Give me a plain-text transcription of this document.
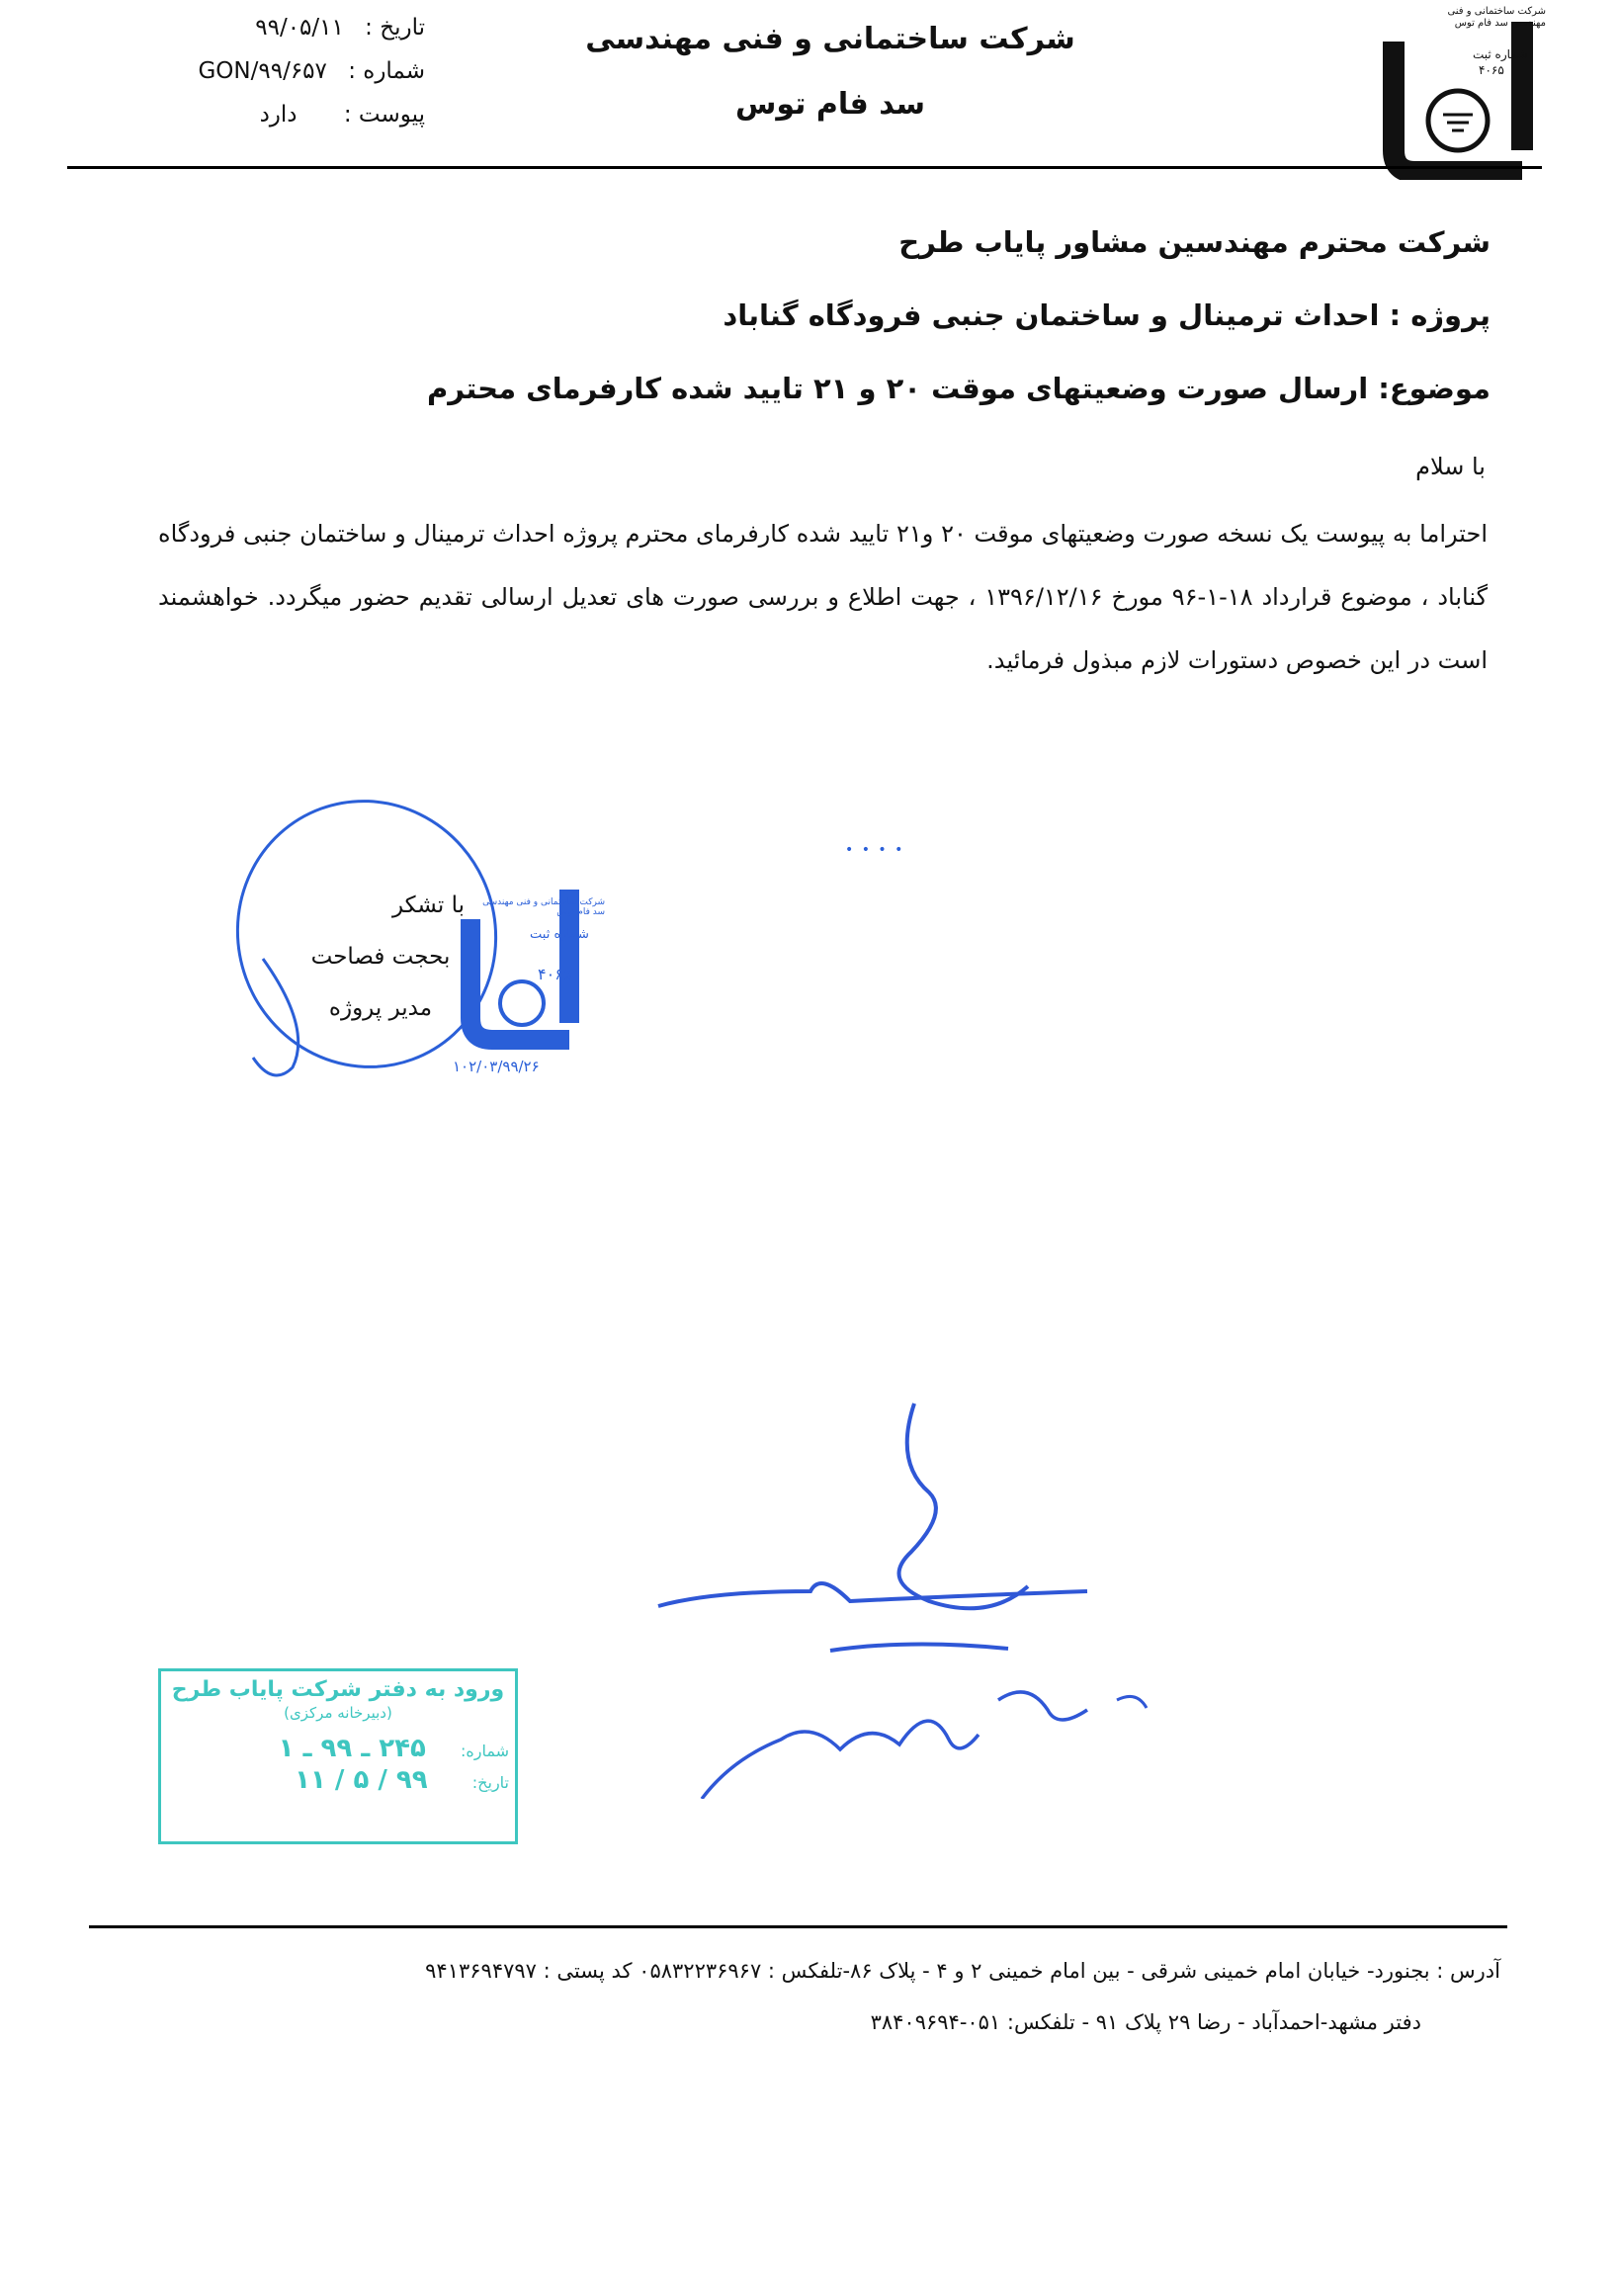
تاریخ : ۹۹/۰۵/۱۱
شماره : GON/۹۹/۶۵۷
پیوست : دارد
شرکت ساختمانی و فنی مهندسی
سد فام توس
شرکت ساختمانی و فنی مهندسی سد فام توس
شماره ثبت
۴۰۶۵
شرکت محترم مهندسین مشاور پایاب طرح
پروژه : احداث ترمینال و ساختمان جنبی فرودگاه گناباد
موضوع: ارسال صورت وضعیتهای موقت ۲۰ و ۲۱ تایید شده کارفرمای محترم
با سلام
احتراما به پیوست یک نسخه صورت وضعیتهای موقت ۲۰ و۲۱ تایید شده کارفرمای محترم پروژه احداث ترمینال و ساختمان جنبی فرودگاه گناباد ، موضوع قرارداد ۱۸-۱-۹۶ مورخ ۱۳۹۶/۱۲/۱۶ ، جهت اطلاع و بررسی صورت های تعدیل ارسالی تقدیم حضور میگردد. خواهشمند است در این خصوص دستورات لازم مبذول فرمائید.
شرکت ساختمانی و فنی مهندسی سد فام توس
شماره ثبت
۴۰۶۵
۱۰۲/۰۳/۹۹/۲۶
با تشکر
بحجت فصاحت
مدیر پروژه
• • • •
ورود به دفتر شرکت پایاب طرح
(دبیرخانه مرکزی)
شماره: ۲۴۵ ـ ۹۹ ـ ۱
تاریخ: ۹۹ / ۵ / ۱۱
آدرس : بجنورد- خیابان امام خمینی شرقی - بین امام خمینی ۲ و ۴ - پلاک ۸۶-تلفکس : ۰۵۸۳۲۲۳۶۹۶۷ کد پستی : ۹۴۱۳۶۹۴۷۹۷
دفتر مشهد-احمدآباد - رضا ۲۹ پلاک ۹۱ - تلفکس: ۰۵۱-۳۸۴۰۹۶۹۴
